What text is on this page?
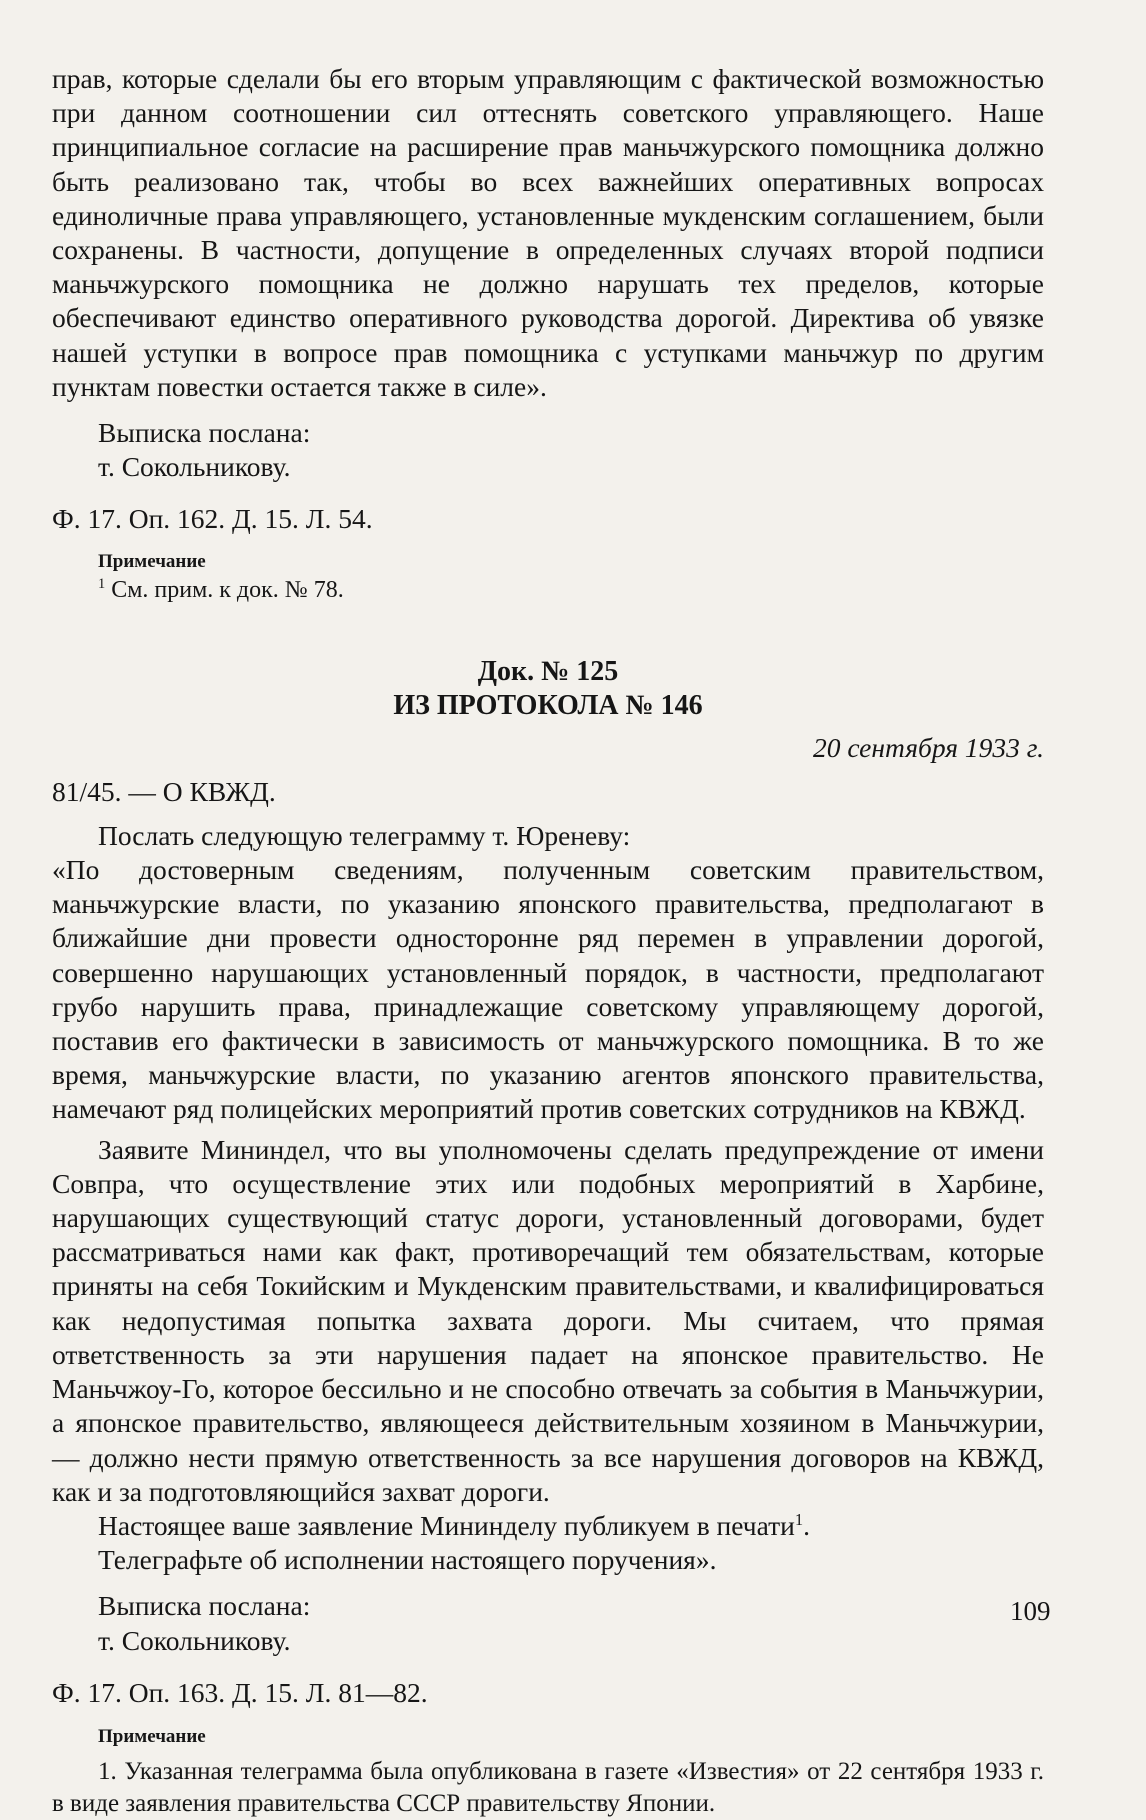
прав, которые сделали бы его вторым управляющим с фактической возможностью при данном соотношении сил оттеснять советского управляющего. Наше принципиальное согласие на расширение прав маньчжурского помощника должно быть реализовано так, чтобы во всех важнейших оперативных вопросах единоличные права управляющего, установленные мукденским соглашением, были сохранены. В частности, допущение в определенных случаях второй подписи маньчжурского помощника не должно нарушать тех пределов, которые обеспечивают единство оперативного руководства дорогой. Директива об увязке нашей уступки в вопросе прав помощника с уступками маньчжур по другим пунктам повестки остается также в силе».

Выписка послана:

т. Сокольникову.

Ф. 17. Оп. 162. Д. 15. Л. 54.

Примечание
$^1$ См. прим. к док. № 78.
Док. № 125
ИЗ ПРОТОКОЛА № 146
20 сентября 1933 г.

81/45. — О КВЖД.

Послать следующую телеграмму т. Юреневу:

«По достоверным сведениям, полученным советским правительством, маньчжурские власти, по указанию японского правительства, предполагают в ближайшие дни провести односторонне ряд перемен в управлении дорогой, совершенно нарушающих установленный порядок, в частности, предполагают грубо нарушить права, принадлежащие советскому управляющему дорогой, поставив его фактически в зависимость от маньчжурского помощника. В то же время, маньчжурские власти, по указанию агентов японского правительства, намечают ряд полицейских мероприятий против советских сотрудников на КВЖД.

Заявите Мининдел, что вы уполномочены сделать предупреждение от имени Совпра, что осуществление этих или подобных мероприятий в Харбине, нарушающих существующий статус дороги, установленный договорами, будет рассматриваться нами как факт, противоречащий тем обязательствам, которые приняты на себя Токийским и Мукденским правительствами, и квалифицироваться как недопустимая попытка захвата дороги. Мы считаем, что прямая ответственность за эти нарушения падает на японское правительство. Не Маньчжоу-Го, которое бессильно и не способно отвечать за события в Маньчжурии, а японское правительство, являющееся действительным хозяином в Маньчжурии, — должно нести прямую ответственность за все нарушения договоров на КВЖД, как и за подготовляющийся захват дороги.

Настоящее ваше заявление Мининделу публикуем в печати$^1$.

Телеграфьте об исполнении настоящего поручения».

Выписка послана:

т. Сокольникову.

Ф. 17. Оп. 163. Д. 15. Л. 81—82.

Примечание

1. Указанная телеграмма была опубликована в газете «Известия» от 22 сентября 1933 г. в виде заявления правительства СССР правительству Японии.

109
